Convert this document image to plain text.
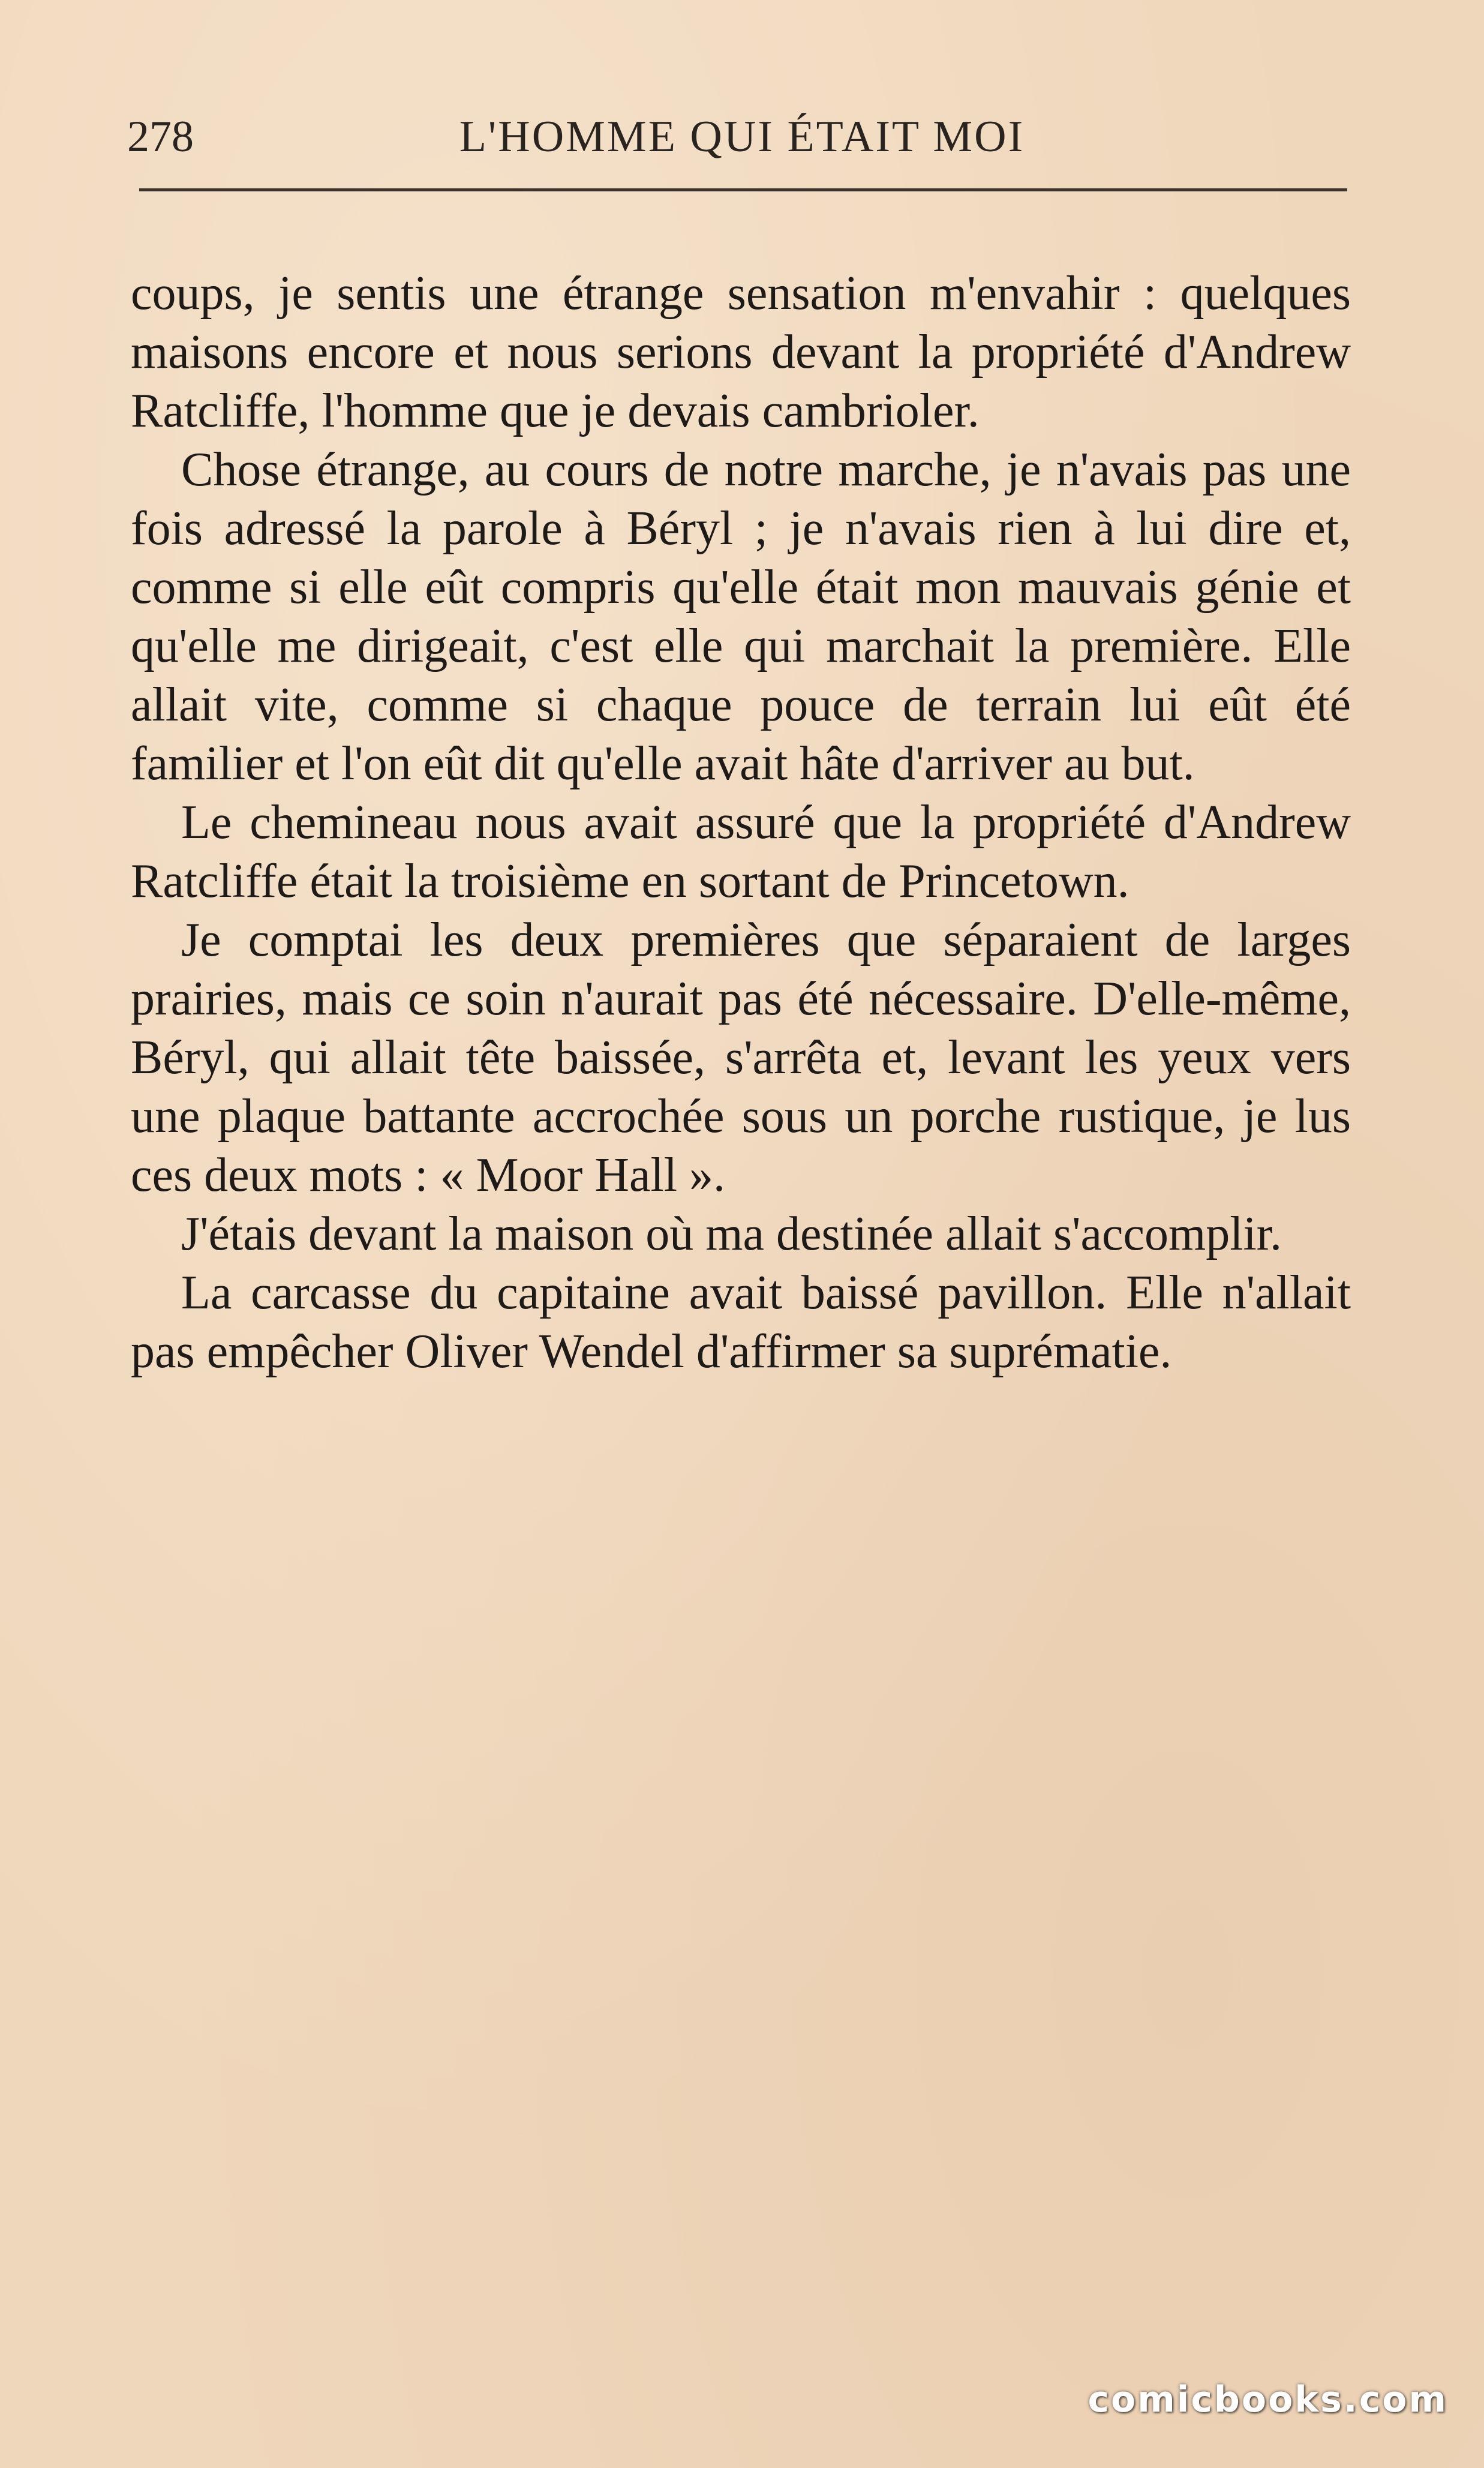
278	L'HOMME QUI ÉTAIT MOI

coups, je sentis une étrange sensation m'envahir : quelques maisons encore et nous serions devant la propriété d'Andrew Ratcliffe, l'homme que je devais cambrioler.

Chose étrange, au cours de notre marche, je n'avais pas une fois adressé la parole à Béryl ; je n'avais rien à lui dire et, comme si elle eût compris qu'elle était mon mauvais génie et qu'elle me dirigeait, c'est elle qui marchait la première. Elle allait vite, comme si chaque pouce de terrain lui eût été familier et l'on eût dit qu'elle avait hâte d'arriver au but.

Le chemineau nous avait assuré que la propriété d'Andrew Ratcliffe était la troisième en sortant de Princetown.

Je comptai les deux premières que séparaient de larges prairies, mais ce soin n'aurait pas été nécessaire. D'elle-même, Béryl, qui allait tête baissée, s'arrêta et, levant les yeux vers une plaque battante accrochée sous un porche rustique, je lus ces deux mots : « Moor Hall ».

J'étais devant la maison où ma destinée allait s'accomplir.

La carcasse du capitaine avait baissé pavillon. Elle n'allait pas empêcher Oliver Wendel d'affirmer sa suprématie.

comicbooks.com
